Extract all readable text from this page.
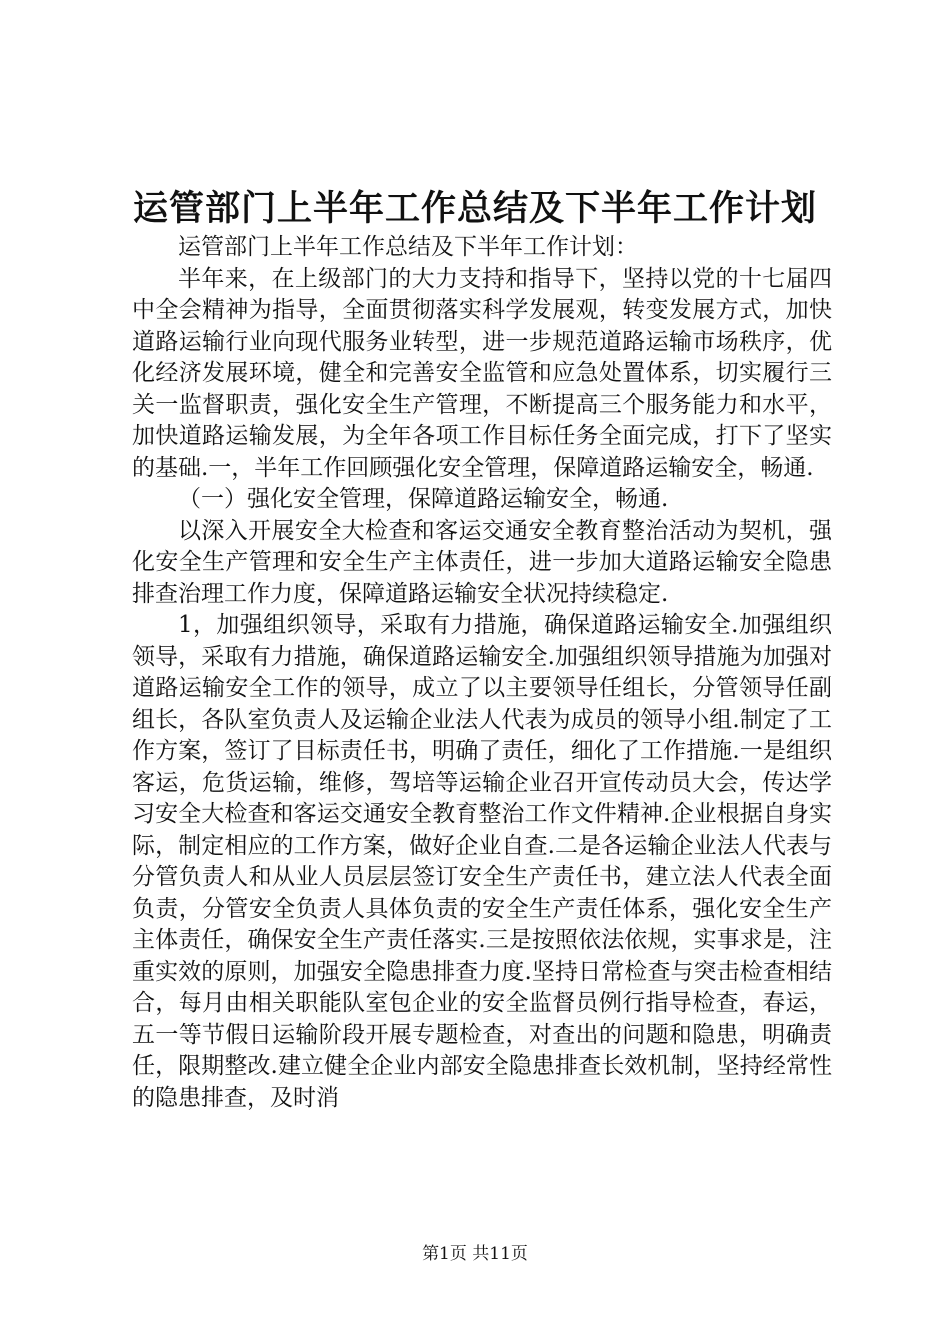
运管部门上半年工作总结及下半年工作计划

运管部门上半年工作总结及下半年工作计划：

半年来，在上级部门的大力支持和指导下，坚持以党的十七届四中全会精神为指导，全面贯彻落实科学发展观，转变发展方式，加快道路运输行业向现代服务业转型，进一步规范道路运输市场秩序，优化经济发展环境，健全和完善安全监管和应急处置体系，切实履行三关一监督职责，强化安全生产管理，不断提高三个服务能力和水平，加快道路运输发展，为全年各项工作目标任务全面完成，打下了坚实的基础.一，半年工作回顾强化安全管理，保障道路运输安全，畅通.

（一）强化安全管理，保障道路运输安全，畅通.

以深入开展安全大检查和客运交通安全教育整治活动为契机，强化安全生产管理和安全生产主体责任，进一步加大道路运输安全隐患排查治理工作力度，保障道路运输安全状况持续稳定.

1，加强组织领导，采取有力措施，确保道路运输安全.加强组织领导，采取有力措施，确保道路运输安全.加强组织领导措施为加强对道路运输安全工作的领导，成立了以主要领导任组长，分管领导任副组长，各队室负责人及运输企业法人代表为成员的领导小组.制定了工作方案，签订了目标责任书，明确了责任，细化了工作措施.一是组织客运，危货运输，维修，驾培等运输企业召开宣传动员大会，传达学习安全大检查和客运交通安全教育整治工作文件精神.企业根据自身实际，制定相应的工作方案，做好企业自查.二是各运输企业法人代表与分管负责人和从业人员层层签订安全生产责任书，建立法人代表全面负责，分管安全负责人具体负责的安全生产责任体系，强化安全生产主体责任，确保安全生产责任落实.三是按照依法依规，实事求是，注重实效的原则，加强安全隐患排查力度.坚持日常检查与突击检查相结合，每月由相关职能队室包企业的安全监督员例行指导检查，春运，五一等节假日运输阶段开展专题检查，对查出的问题和隐患，明确责任，限期整改.建立健全企业内部安全隐患排查长效机制，坚持经常性的隐患排查，及时消

第1页 共11页
